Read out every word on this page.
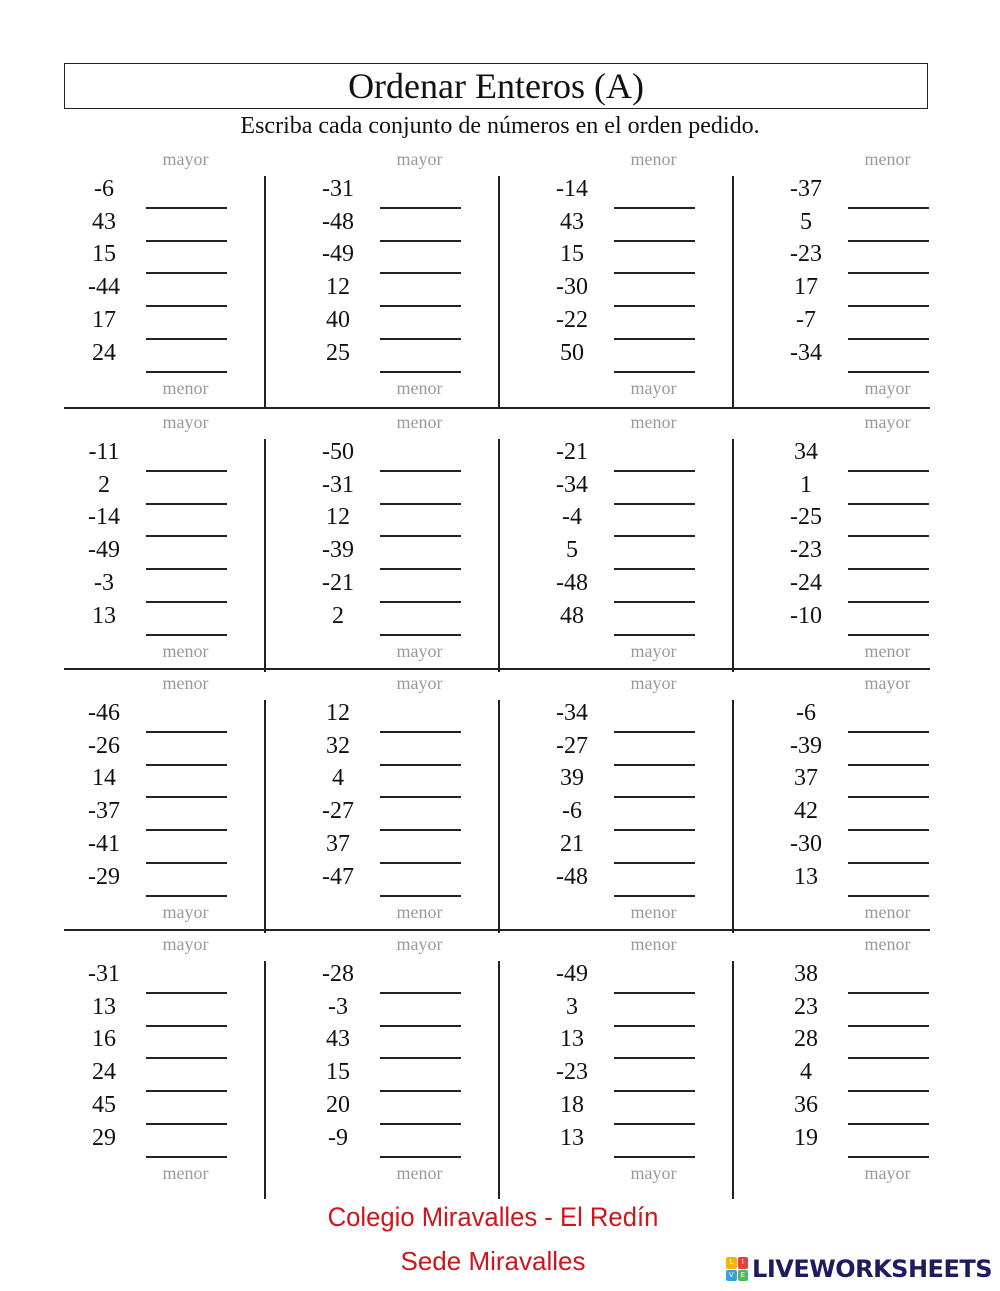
Ordenar Enteros (A)
Escriba cada conjunto de números en el orden pedido.
mayor
-6
43
15
-44
17
24
menor
mayor
-31
-48
-49
12
40
25
menor
menor
-14
43
15
-30
-22
50
mayor
menor
-37
5
-23
17
-7
-34
mayor
mayor
-11
2
-14
-49
-3
13
menor
menor
-50
-31
12
-39
-21
2
mayor
menor
-21
-34
-4
5
-48
48
mayor
mayor
34
1
-25
-23
-24
-10
menor
menor
-46
-26
14
-37
-41
-29
mayor
mayor
12
32
4
-27
37
-47
menor
mayor
-34
-27
39
-6
21
-48
menor
mayor
-6
-39
37
42
-30
13
menor
mayor
-31
13
16
24
45
29
menor
mayor
-28
-3
43
15
20
-9
menor
menor
-49
3
13
-23
18
13
mayor
menor
38
23
28
4
36
19
mayor
Colegio Miravalles - El Redín
Sede Miravalles	L	I
V E LIVEWORKSHEETS
